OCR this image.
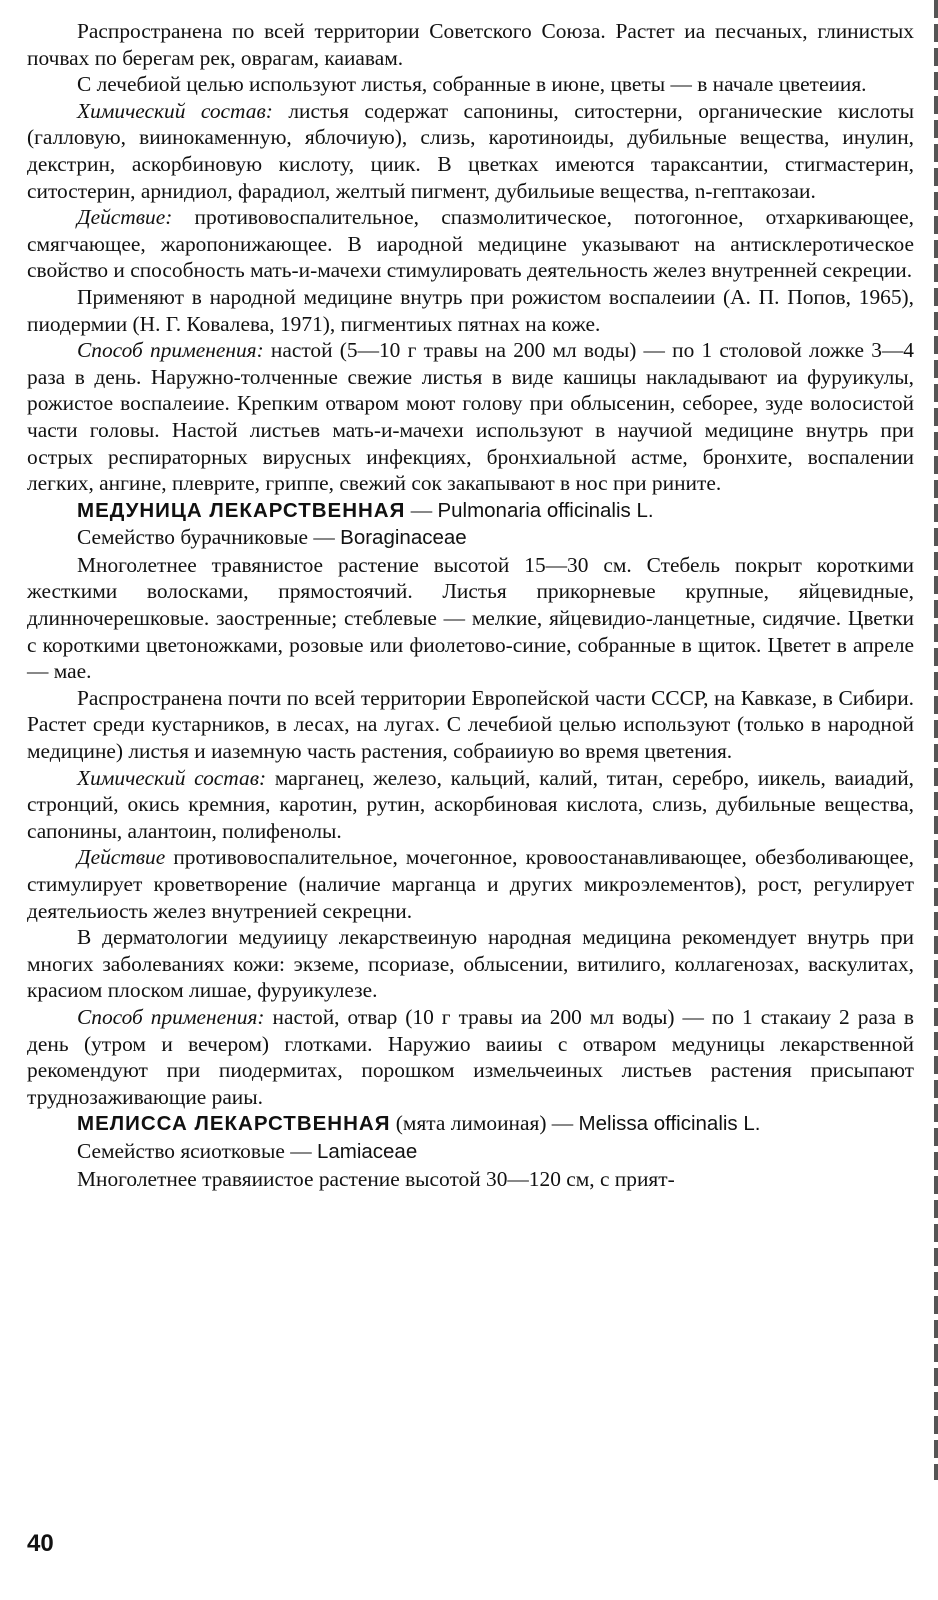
Распространена по всей территории Советского Союза. Растет иа песчаных, глинистых почвах по берегам рек, оврагам, каиавам.

С лечебиой целью используют листья, собранные в июне, цветы — в начале цветеиия.

Химический состав: листья содержат сапонины, ситостерни, органические кислоты (галловую, виинокаменную, яблочиую), слизь, каротиноиды, дубильные вещества, инулин, декстрин, аскорбиновую кислоту, циик. В цветках имеются тараксантии, стигмастерин, ситостерин, арнидиол, фарадиол, желтый пигмент, дубильиые вещества, n-гептакозаи.

Действие: противовоспалительное, спазмолитическое, потогонное, отхаркивающее, смягчающее, жаропонижающее. В иародной медицине указывают на антисклеротическое свойство и способность мать-и-мачехи стимулировать деятельность желез внутренней секреции.

Применяют в народной медицине внутрь при рожистом воспалеиии (А. П. Попов, 1965), пиодермии (Н. Г. Ковалева, 1971), пигментиых пятнах на коже.

Способ применения: настой (5—10 г травы на 200 мл воды) — по 1 столовой ложке 3—4 раза в день. Наружно-толченные свежие листья в виде кашицы накладывают иа фуруикулы, рожистое воспалеиие. Крепким отваром моют голову при облысенин, себорее, зуде волосистой части головы. Настой листьев мать-и-мачехи используют в научиой медицине внутрь при острых респираторных вирусных инфекциях, бронхиальной астме, бронхите, воспалении легких, ангине, плеврите, гриппе, свежий сок закапывают в нос при рините.

МЕДУНИЦА ЛЕКАРСТВЕННАЯ — Pulmonaria officinalis L.

Семейство бурачниковые — Boraginaceae

Многолетнее травянистое растение высотой 15—30 см. Стебель покрыт короткими жесткими волосками, прямостоячий. Листья прикорневые крупные, яйцевидные, длинночерешковые. заостренные; стеблевые — мелкие, яйцевидио-ланцетные, сидячие. Цветки с короткими цветоножками, розовые или фиолетово-синие, собранные в щиток. Цветет в апреле — мае.

Распространена почти по всей территории Европейской части СССР, на Кавказе, в Сибири. Растет среди кустарников, в лесах, на лугах. С лечебиой целью используют (только в народной медицине) листья и иаземную часть растения, собраииую во время цветения.

Химический состав: марганец, железо, кальций, калий, титан, серебро, иикель, ваиадий, стронций, окись кремния, каротин, рутин, аскорбиновая кислота, слизь, дубильные вещества, сапонины, алантоин, полифенолы.

Действие противовоспалительное, мочегонное, кровоостанавливающее, обезболивающее, стимулирует кроветворение (наличие марганца и других микроэлементов), рост, регулирует деятельиость желез внутренией секрецни.

В дерматологии медуиицу лекарствеиную народная медицина рекомендует внутрь при многих заболеваниях кожи: экземе, псориазе, облысении, витилиго, коллагенозах, васкулитах, красиом плоском лишае, фуруикулезе.

Способ применения: настой, отвар (10 г травы иа 200 мл воды) — по 1 стакаиу 2 раза в день (утром и вечером) глотками. Наружио ваииы с отваром медуницы лекарственной рекомендуют при пиодермитах, порошком измельчеиных листьев растения присыпают труднозаживающие раиы.

МЕЛИССА ЛЕКАРСТВЕННАЯ (мята лимоиная) — Melissa officinalis L.

Семейство ясиотковые — Lamiaceae

Многолетнее травяиистое растение высотой 30—120 см, с прият-

40
